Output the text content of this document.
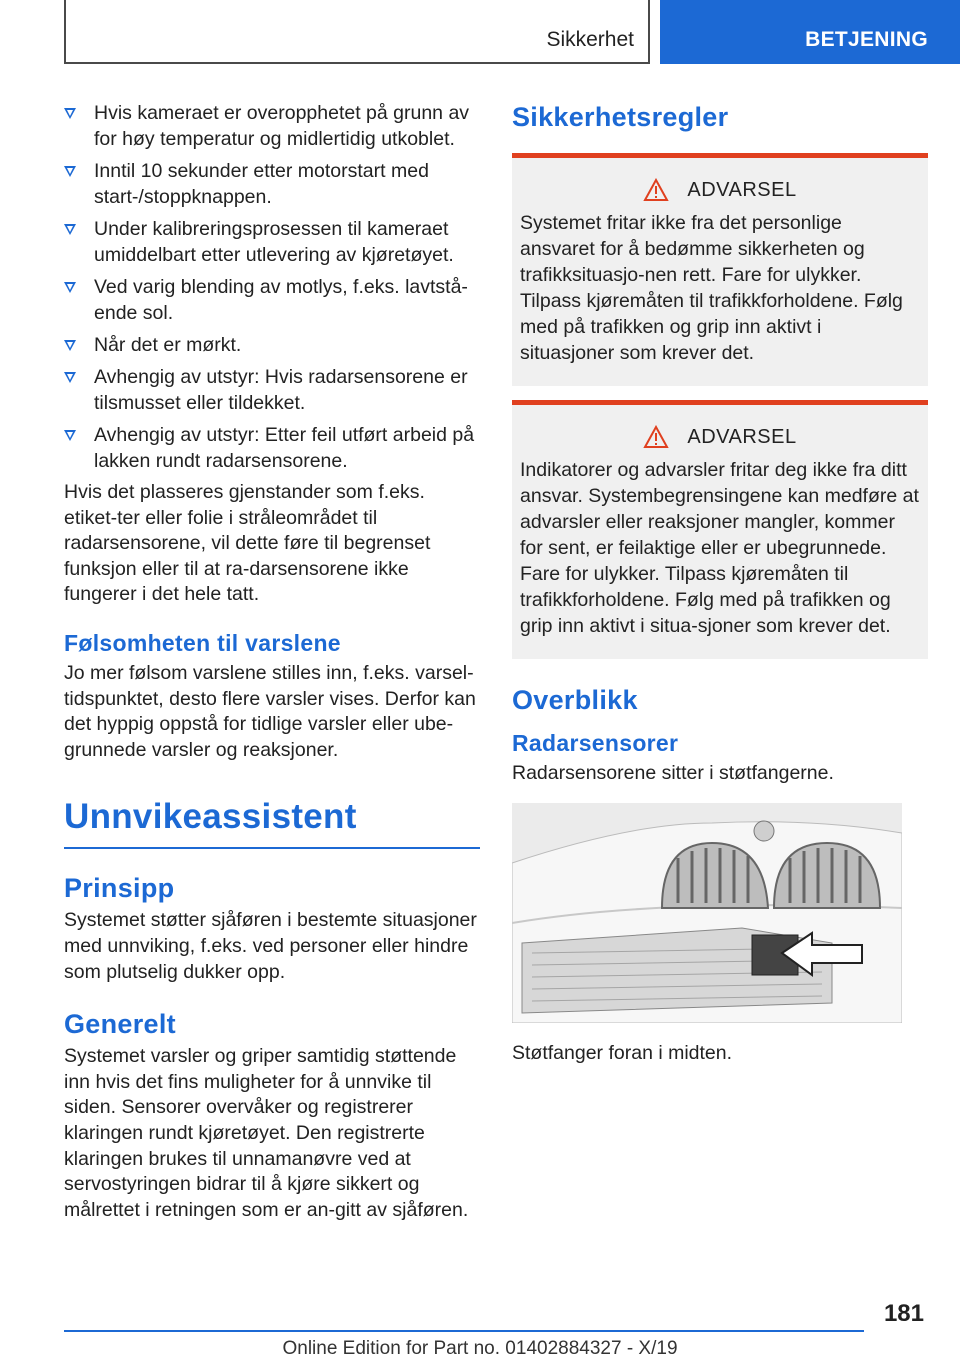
Sikkerhet	BETJENING
Hvis kameraet er overopphetet på grunn av for høy temperatur og midlertidig utkoblet.
Inntil 10 sekunder etter motorstart med start-/stoppknappen.
Under kalibreringsprosessen til kameraet umiddelbart etter utlevering av kjøretøyet.
Ved varig blending av motlys, f.eks. lavtstå-ende sol.
Når det er mørkt.
Avhengig av utstyr: Hvis radarsensorene er tilsmusset eller tildekket.
Avhengig av utstyr: Etter feil utført arbeid på lakken rundt radarsensorene.

Hvis det plasseres gjenstander som f.eks. etiket-ter eller folie i stråleområdet til radarsensorene, vil dette føre til begrenset funksjon eller til at ra-darsensorene ikke fungerer i det hele tatt.

Følsomheten til varslene

Jo mer følsom varslene stilles inn, f.eks. varsel-tidspunktet, desto flere varsler vises. Derfor kan det hyppig oppstå for tidlige varsler eller ube-grunnede varsler og reaksjoner.

Unnvikeassistent
Prinsipp

Systemet støtter sjåføren i bestemte situasjoner med unnviking, f.eks. ved personer eller hindre som plutselig dukker opp.

Generelt

Systemet varsler og griper samtidig støttende inn hvis det fins muligheter for å unnvike til siden. Sensorer overvåker og registrerer klaringen rundt kjøretøyet. Den registrerte klaringen brukes til unnamanøvre ved at servostyringen bidrar til å kjøre sikkert og målrettet i retningen som er an-gitt av sjåføren.

Sikkerhetsregler
ADVARSEL

Systemet fritar ikke fra det personlige ansvaret for å bedømme sikkerheten og trafikksituasjo-nen rett. Fare for ulykker. Tilpass kjøremåten til trafikkforholdene. Følg med på trafikken og grip inn aktivt i situasjoner som krever det.

ADVARSEL

Indikatorer og advarsler fritar deg ikke fra ditt ansvar. Systembegrensingene kan medføre at advarsler eller reaksjoner mangler, kommer for sent, er feilaktige eller er ubegrunnede. Fare for ulykker. Tilpass kjøremåten til trafikkforholdene. Følg med på trafikken og grip inn aktivt i situa-sjoner som krever det.

Overblikk
Radarsensorer

Radarsensorene sitter i støtfangerne.

Støtfanger foran i midten.

181
Online Edition for Part no. 01402884327 - X/19
